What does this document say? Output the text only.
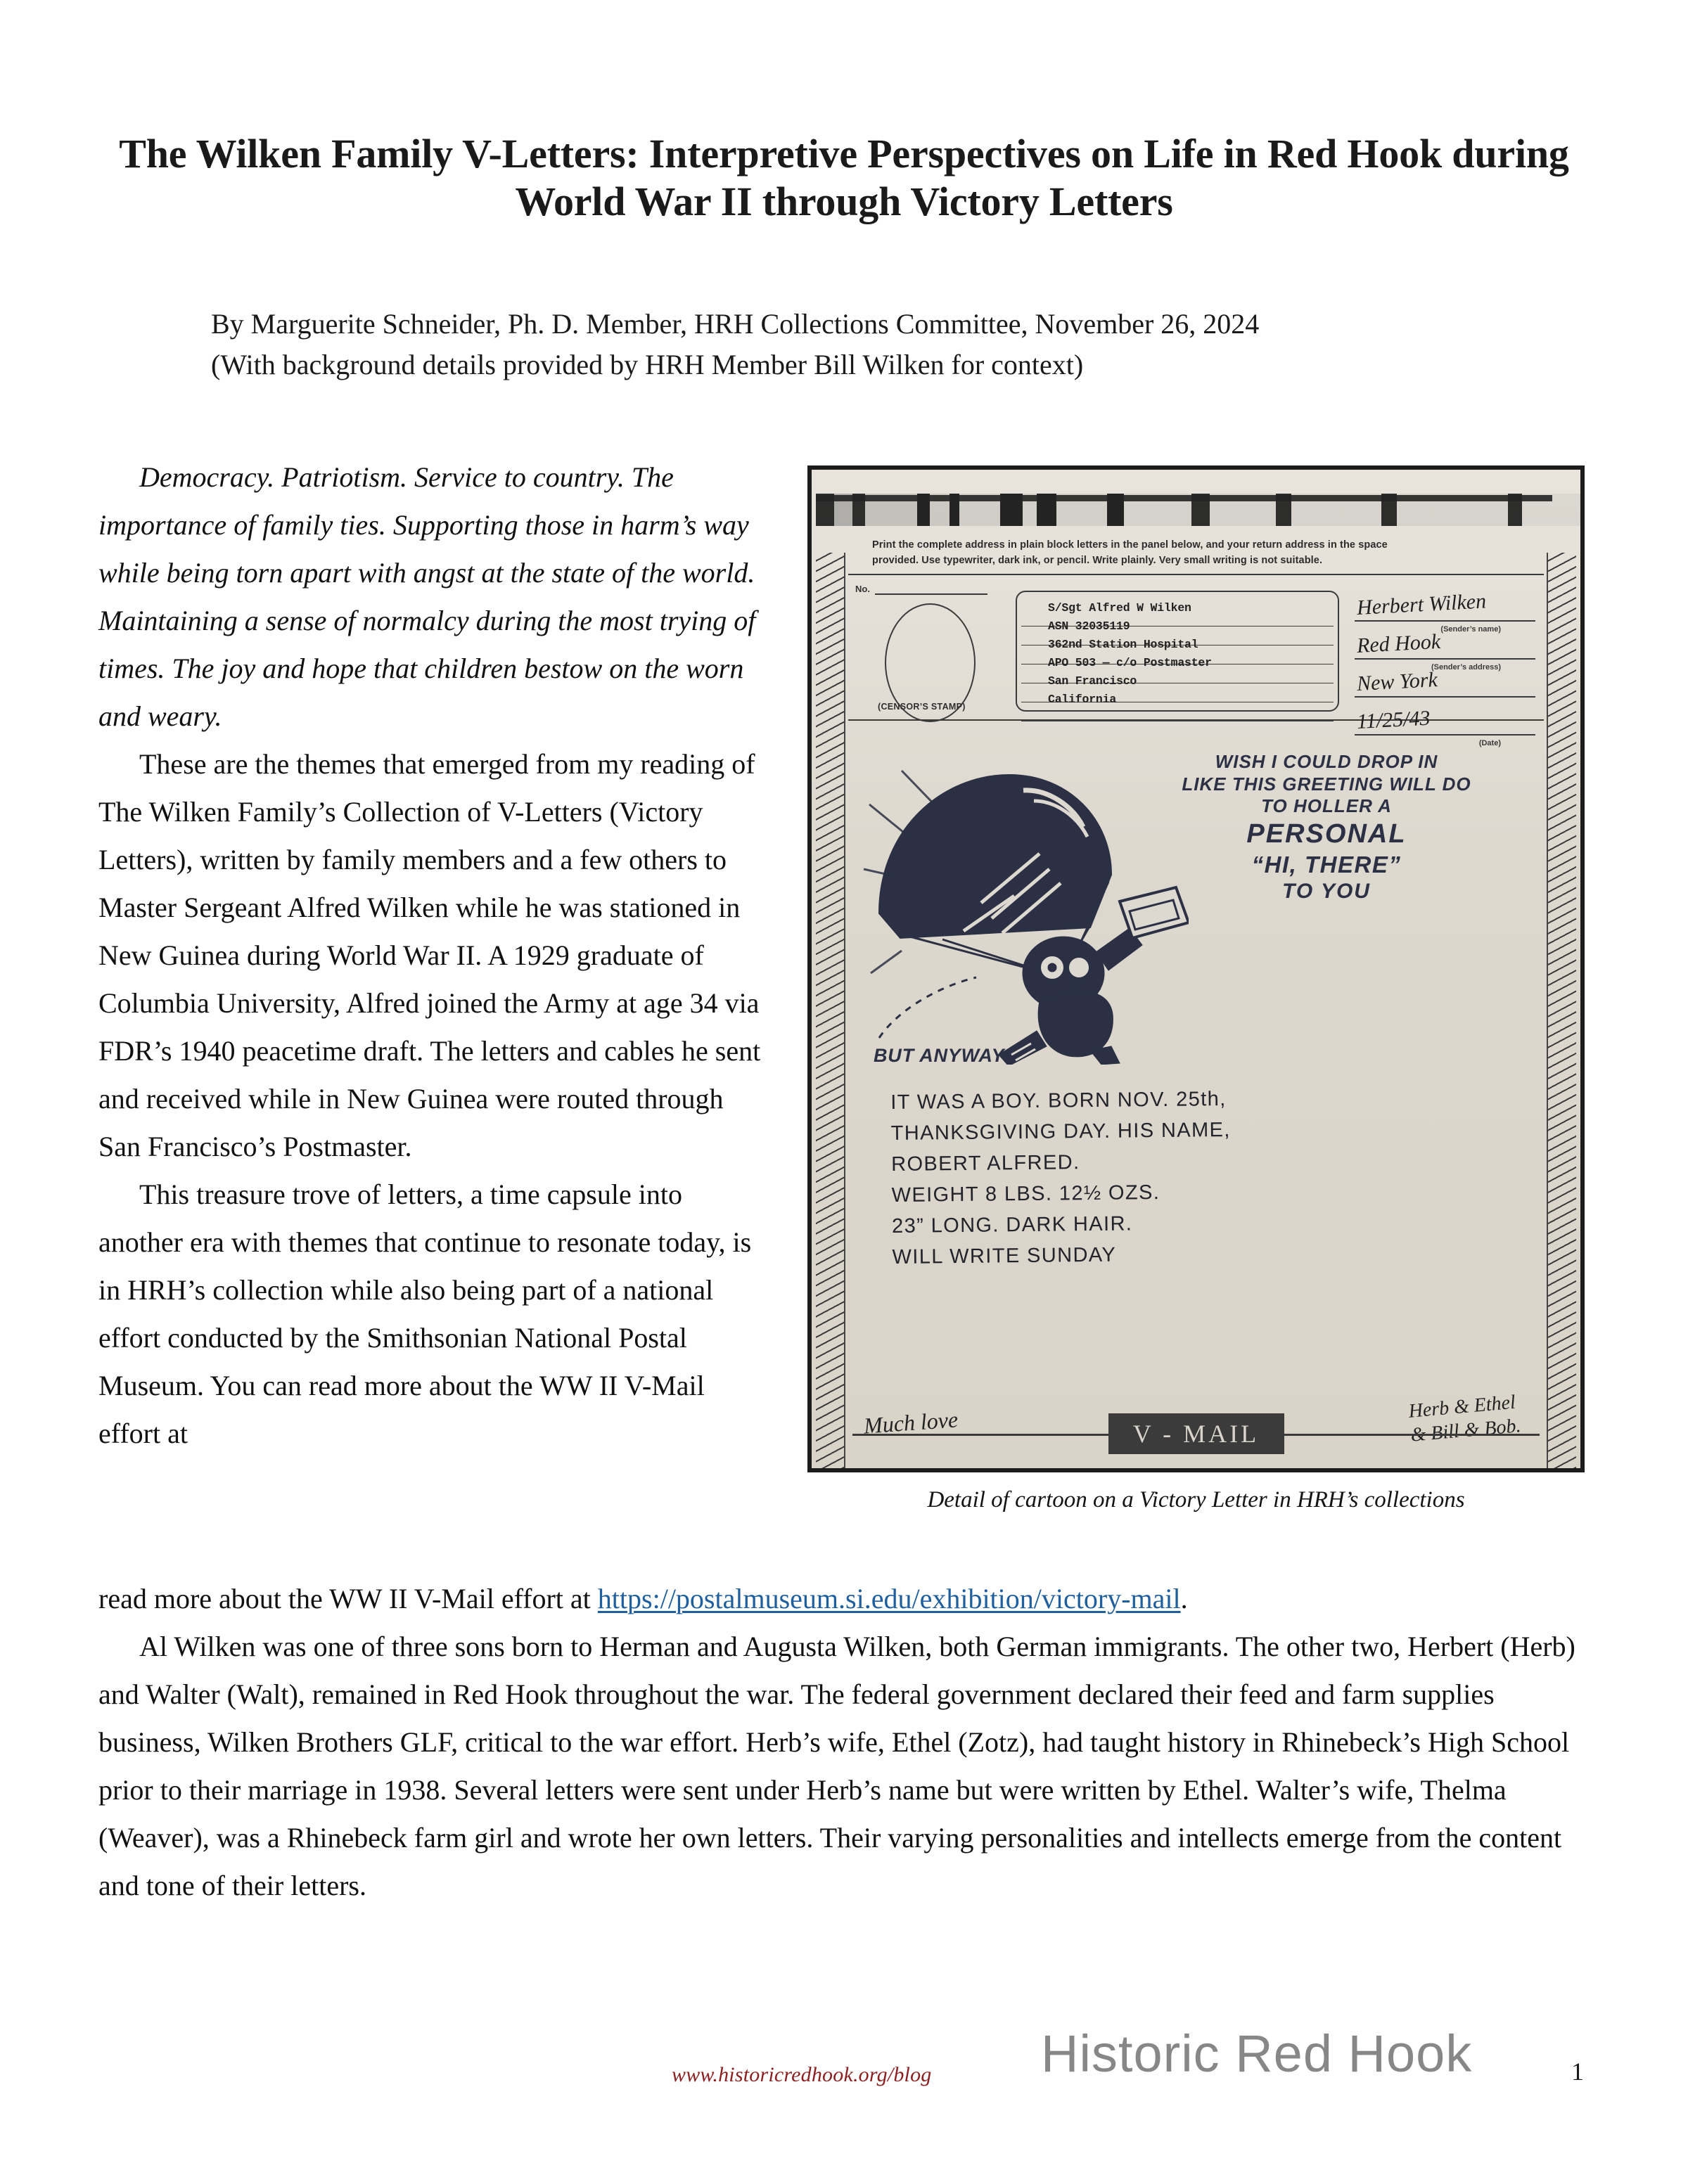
The Wilken Family V-Letters: Interpretive Perspectives on Life in Red Hook during World War II through Victory Letters
By Marguerite Schneider, Ph. D. Member, HRH Collections Committee, November 26, 2024
(With background details provided by HRH Member Bill Wilken for context)

Democracy. Patriotism. Service to country. The importance of family ties. Supporting those in harm’s way while being torn apart with angst at the state of the world. Maintaining a sense of normalcy during the most trying of times. The joy and hope that children bestow on the worn and weary.

These are the themes that emerged from my reading of The Wilken Family’s Collection of V-Letters (Victory Letters), written by family members and a few others to Master Sergeant Alfred Wilken while he was stationed in New Guinea during World War II. A 1929 graduate of Columbia University, Alfred joined the Army at age 34 via FDR’s 1940 peacetime draft. The letters and cables he sent and received while in New Guinea were routed through San Francisco’s Postmaster.

This treasure trove of letters, a time capsule into another era with themes that continue to resonate today, is in HRH’s collection while also being part of a national effort conducted by the Smithsonian National Postal Museum. You can read more about the WW II V-Mail effort at

read more about the WW II V-Mail effort at https://postalmuseum.si.edu/exhibition/victory-mail.

Al Wilken was one of three sons born to Herman and Augusta Wilken, both German immigrants. The other two, Herbert (Herb) and Walter (Walt), remained in Red Hook throughout the war. The federal government declared their feed and farm supplies business, Wilken Brothers GLF, critical to the war effort. Herb’s wife, Ethel (Zotz), had taught history in Rhinebeck’s High School prior to their marriage in 1938. Several letters were sent under Herb’s name but were written by Ethel. Walter’s wife, Thelma (Weaver), was a Rhinebeck farm girl and wrote her own letters. Their varying personalities and intellects emerge from the content and tone of their letters.

Print the complete address in plain block letters in the panel below, and your return address in the space provided. Use typewriter, dark ink, or pencil. Write plainly. Very small writing is not suitable.
No.
(CENSOR’S STAMP)
S/Sgt Alfred W Wilken
ASN 32035119
362nd Station Hospital
APO 503 — c/o Postmaster
San Francisco
California
Herbert Wilken
(Sender’s name)
Red Hook
(Sender’s address)
New York
11/25/43
(Date)
WISH I COULD DROP IN
LIKE THIS GREETING WILL DO
TO HOLLER A
PERSONAL
“HI, THERE”
TO YOU
BUT ANYWAY--
IT WAS A BOY. BORN NOV. 25th,
THANKSGIVING DAY. HIS NAME,
ROBERT ALFRED.
WEIGHT 8 LBS. 12½ OZS.
23” LONG. DARK HAIR.
WILL WRITE SUNDAY
Much love	Herb & Ethel
& Bill & Bob.
V - MAIL
Detail of cartoon on a Victory Letter in HRH’s collections
www.historicredhook.org/blog Historic Red Hook	1
